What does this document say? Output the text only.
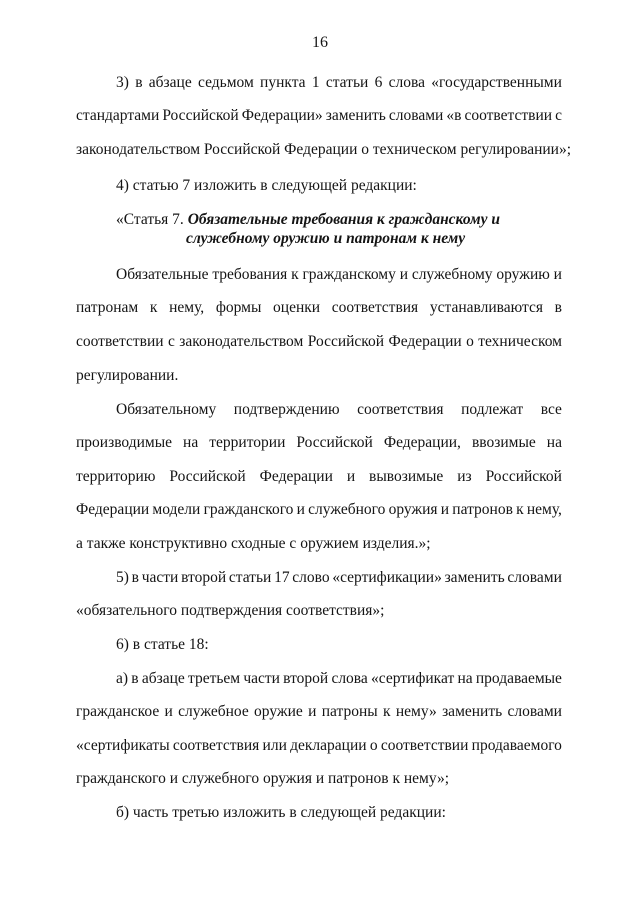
16

3) в абзаце седьмом пункта 1 статьи 6 слова «государственными

стандартами Российской Федерации» заменить словами «в соответствии с

законодательством Российской Федерации о техническом регулировании»;

4) статью 7 изложить в следующей редакции:

«Статья 7. Обязательные требования к гражданскому и

служебному оружию и патронам к нему

Обязательные требования к гражданскому и служебному оружию и

патронам к нему, формы оценки соответствия устанавливаются в

соответствии с законодательством Российской Федерации о техническом

регулировании.

Обязательному подтверждению соответствия подлежат все

производимые на территории Российской Федерации, ввозимые на

территорию Российской Федерации и вывозимые из Российской

Федерации модели гражданского и служебного оружия и патронов к нему,

а также конструктивно сходные с оружием изделия.»;

5) в части второй статьи 17 слово «сертификации» заменить словами

«обязательного подтверждения соответствия»;

6) в статье 18:

а) в абзаце третьем части второй слова «сертификат на продаваемые

гражданское и служебное оружие и патроны к нему» заменить словами

«сертификаты соответствия или декларации о соответствии продаваемого

гражданского и служебного оружия и патронов к нему»;

б) часть третью изложить в следующей редакции:
